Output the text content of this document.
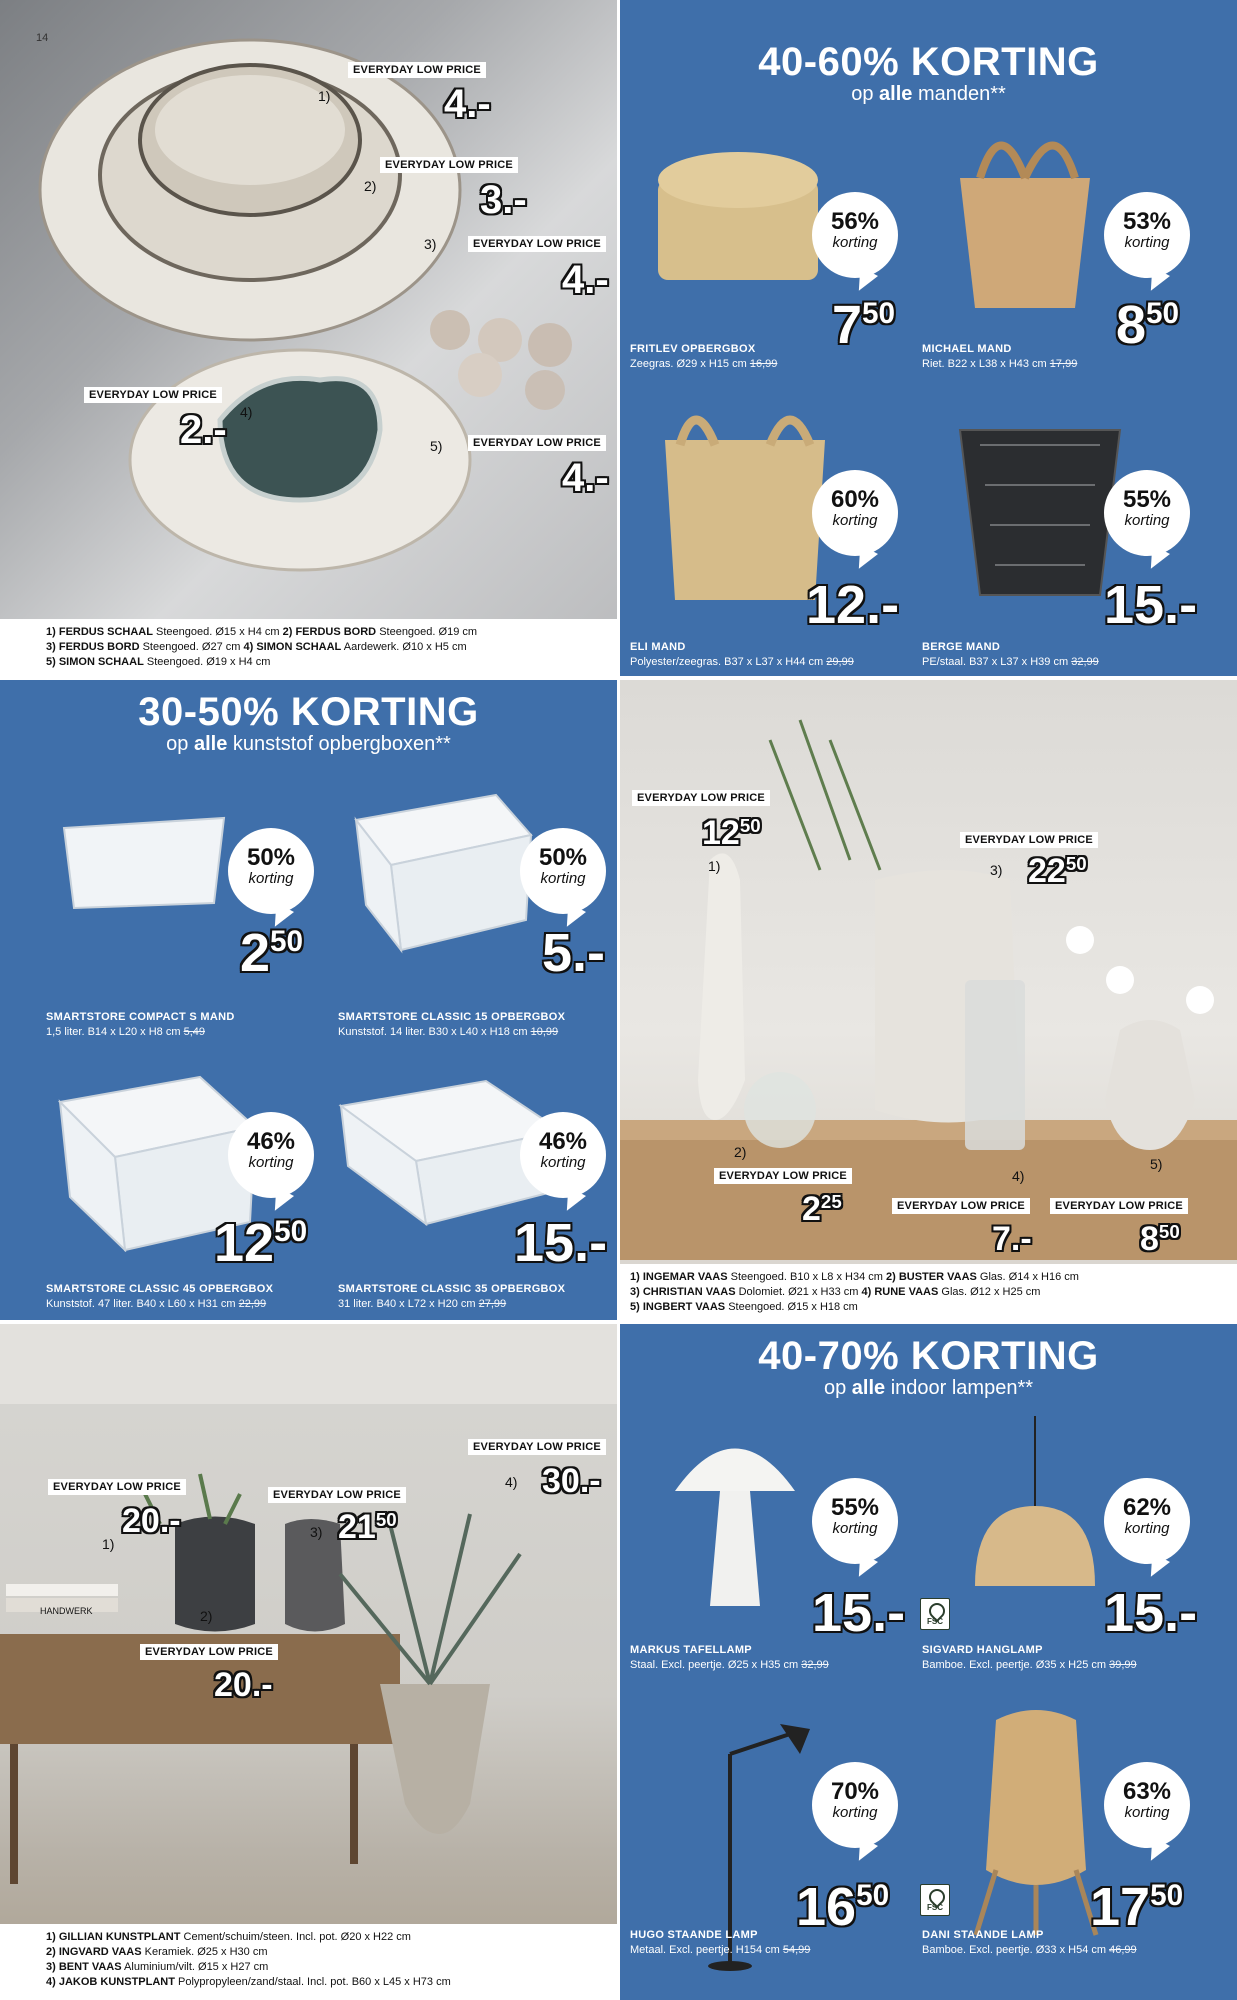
14
EVERYDAY LOW PRICE
1)	4.-
EVERYDAY LOW PRICE
2)	3.-
EVERYDAY LOW PRICE
3)
4.-
EVERYDAY LOW PRICE
4)
2.-	EVERYDAY LOW PRICE
5)
4.-
1) FERDUS SCHAAL Steengoed. Ø15 x H4 cm 2) FERDUS BORD Steengoed. Ø19 cm
3) FERDUS BORD Steengoed. Ø27 cm 4) SIMON SCHAAL Aardewerk. Ø10 x H5 cm
5) SIMON SCHAAL Steengoed. Ø19 x H4 cm
40-60% KORTING
op alle manden**
56%
korting
$7^{50}$
FRITLEV OPBERGBOX
Zeegras. Ø29 x H15 cm 16,99
53%
korting
$8^{50}$
MICHAEL MAND
Riet. B22 x L38 x H43 cm 17,99
60%
korting
12.-
ELI MAND
Polyester/zeegras. B37 x L37 x H44 cm 29,99
55%
korting
15.-
BERGE MAND
PE/staal. B37 x L37 x H39 cm 32,99
30-50% KORTING
op alle kunststof opbergboxen**
50%
korting
$2^{50}$
SMARTSTORE COMPACT S MAND
1,5 liter. B14 x L20 x H8 cm 5,49
50%
korting
5.-
SMARTSTORE CLASSIC 15 OPBERGBOX
Kunststof. 14 liter. B30 x L40 x H18 cm 10,99
46%
korting
$12^{50}$
SMARTSTORE CLASSIC 45 OPBERGBOX
Kunststof. 47 liter. B40 x L60 x H31 cm 22,99
46%
korting
15.-
SMARTSTORE CLASSIC 35 OPBERGBOX
31 liter. B40 x L72 x H20 cm 27,99
EVERYDAY LOW PRICE
$12^{50}$
1)
EVERYDAY LOW PRICE
2)
$2^{25}$
EVERYDAY LOW PRICE
3) $22^{50}$
EVERYDAY LOW PRICE
4)
7.-
EVERYDAY LOW PRICE
5)
$8^{50}$
1) INGEMAR VAAS Steengoed. B10 x L8 x H34 cm 2) BUSTER VAAS Glas. Ø14 x H16 cm
3) CHRISTIAN VAAS Dolomiet. Ø21 x H33 cm 4) RUNE VAAS Glas. Ø12 x H25 cm
5) INGBERT VAAS Steengoed. Ø15 x H18 cm
HANDWERK
EVERYDAY LOW PRICE
1)
20.-
2)
EVERYDAY LOW PRICE
20.-
EVERYDAY LOW PRICE
3) $21^{50}$
EVERYDAY LOW PRICE
4) 30.-
1) GILLIAN KUNSTPLANT Cement/schuim/steen. Incl. pot. Ø20 x H22 cm
2) INGVARD VAAS Keramiek. Ø25 x H30 cm
3) BENT VAAS Aluminium/vilt. Ø15 x H27 cm
4) JAKOB KUNSTPLANT Polypropyleen/zand/staal. Incl. pot. B60 x L45 x H73 cm
40-70% KORTING
op alle indoor lampen**
55%
korting
15.-
MARKUS TAFELLAMP
Staal. Excl. peertje. Ø25 x H35 cm 32,99
62%
korting
FSC	15.-
SIGVARD HANGLAMP
Bamboe. Excl. peertje. Ø35 x H25 cm 39,99
70%
korting
$16^{50}$
HUGO STAANDE LAMP
Metaal. Excl. peertje. H154 cm 54,99
63%
korting
FSC	$17^{50}$
DANI STAANDE LAMP
Bamboe. Excl. peertje. Ø33 x H54 cm 46,99
